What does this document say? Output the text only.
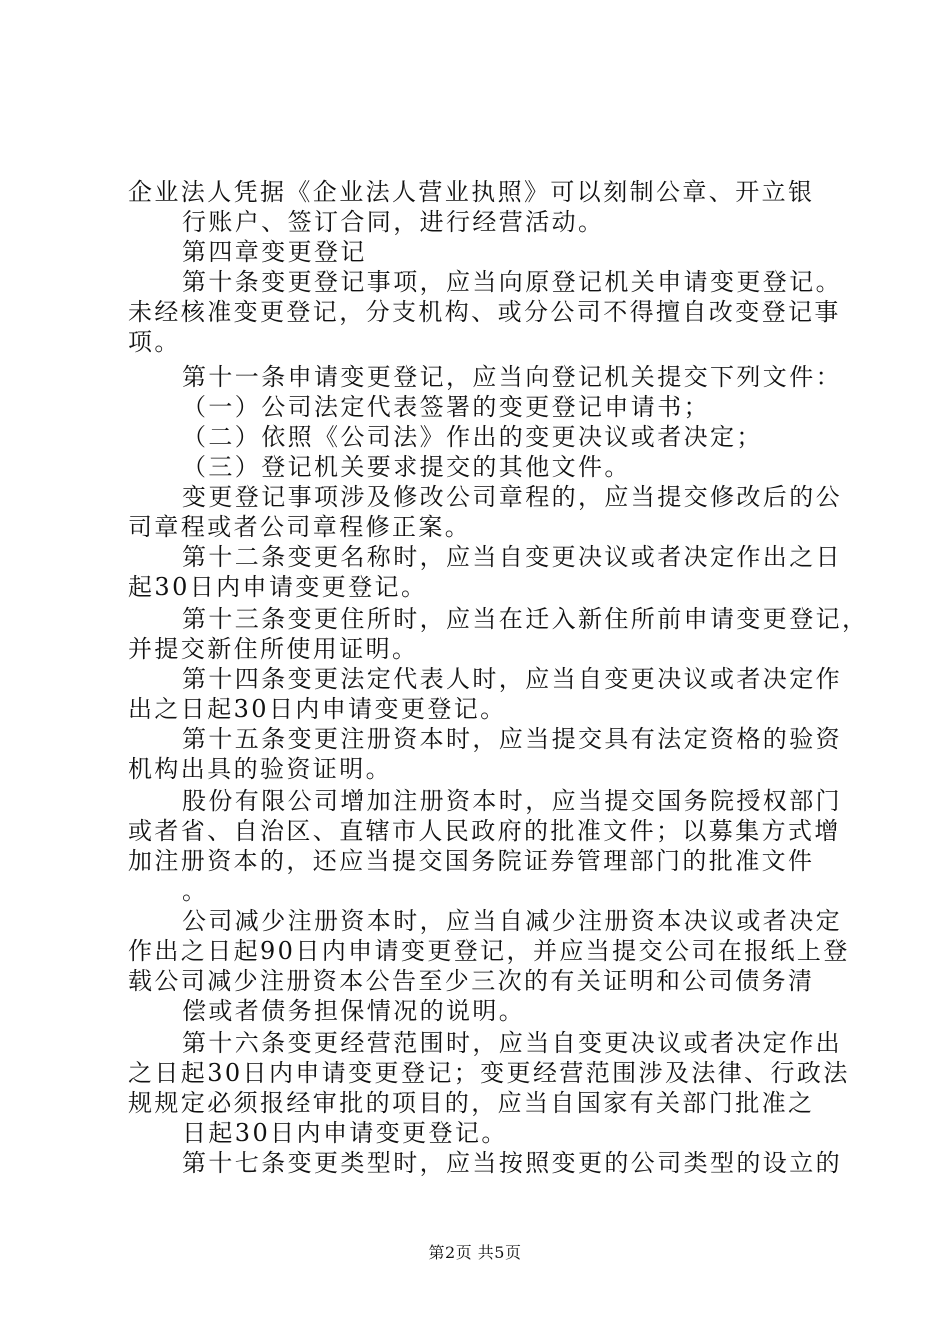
企业法人凭据《企业法人营业执照》可以刻制公章、开立银
行账户、签订合同，进行经营活动。
第四章变更登记
第十条变更登记事项，应当向原登记机关申请变更登记。
未经核准变更登记，分支机构、或分公司不得擅自改变登记事
项。
第十一条申请变更登记，应当向登记机关提交下列文件：
（一）公司法定代表签署的变更登记申请书；
（二）依照《公司法》作出的变更决议或者决定；
（三）登记机关要求提交的其他文件。
变更登记事项涉及修改公司章程的，应当提交修改后的公
司章程或者公司章程修正案。
第十二条变更名称时，应当自变更决议或者决定作出之日
起30日内申请变更登记。
第十三条变更住所时，应当在迁入新住所前申请变更登记，
并提交新住所使用证明。
第十四条变更法定代表人时，应当自变更决议或者决定作
出之日起30日内申请变更登记。
第十五条变更注册资本时，应当提交具有法定资格的验资
机构出具的验资证明。
股份有限公司增加注册资本时，应当提交国务院授权部门
或者省、自治区、直辖市人民政府的批准文件；以募集方式增
加注册资本的，还应当提交国务院证券管理部门的批准文件
。
公司减少注册资本时，应当自减少注册资本决议或者决定
作出之日起90日内申请变更登记，并应当提交公司在报纸上登
载公司减少注册资本公告至少三次的有关证明和公司债务清
偿或者债务担保情况的说明。
第十六条变更经营范围时，应当自变更决议或者决定作出
之日起30日内申请变更登记；变更经营范围涉及法律、行政法
规规定必须报经审批的项目的，应当自国家有关部门批准之
日起30日内申请变更登记。
第十七条变更类型时，应当按照变更的公司类型的设立的
第2页 共5页
